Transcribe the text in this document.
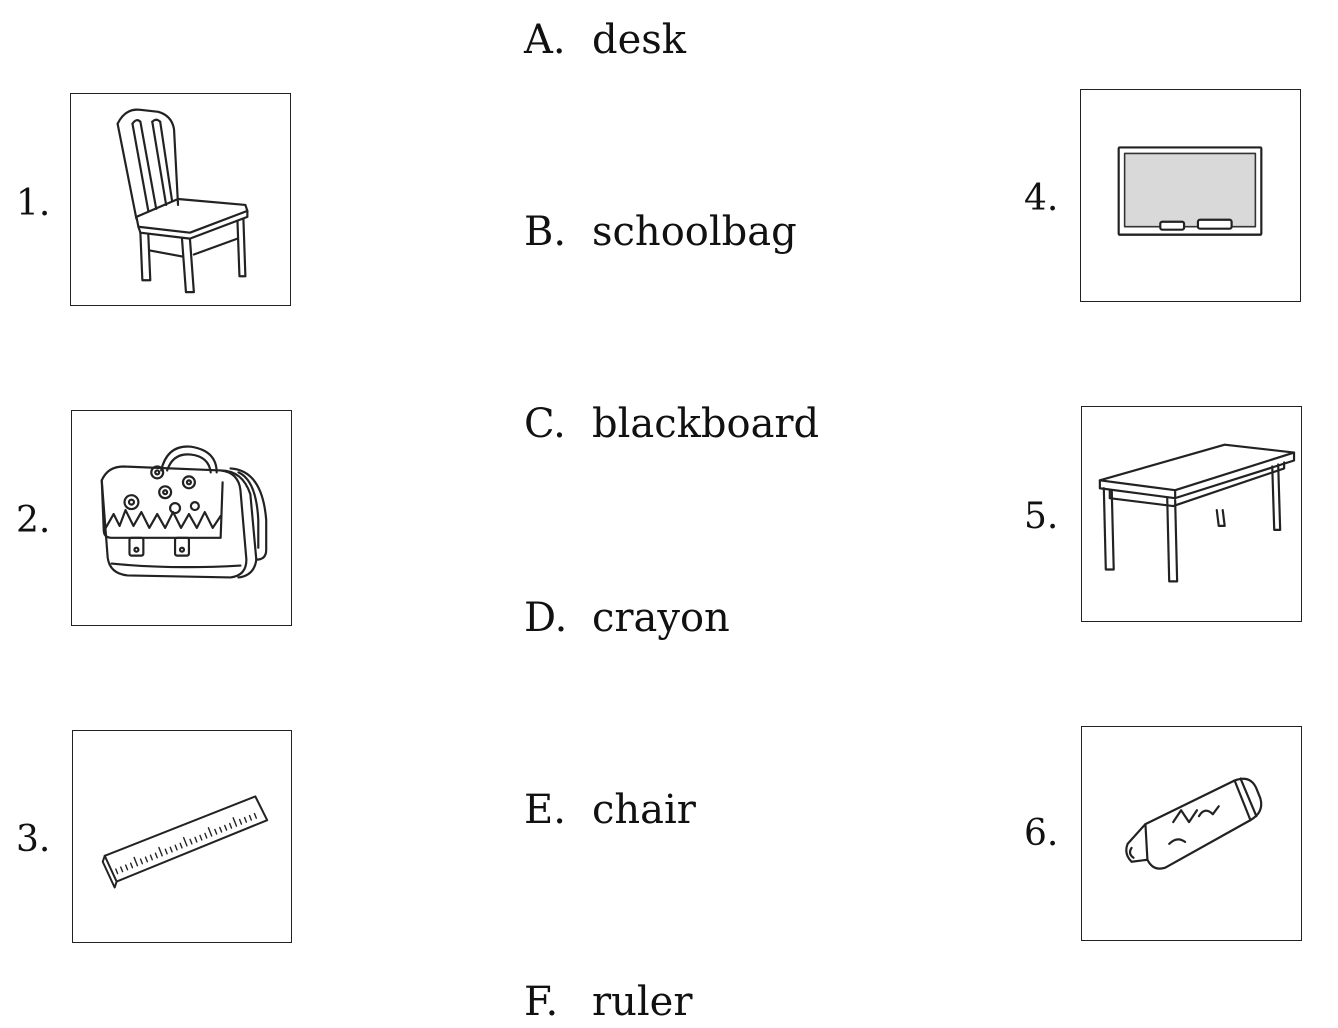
1.
2.
3.
4.
5.
6.
A. desk
B. schoolbag
C. blackboard
D. crayon
E. chair
F. ruler
